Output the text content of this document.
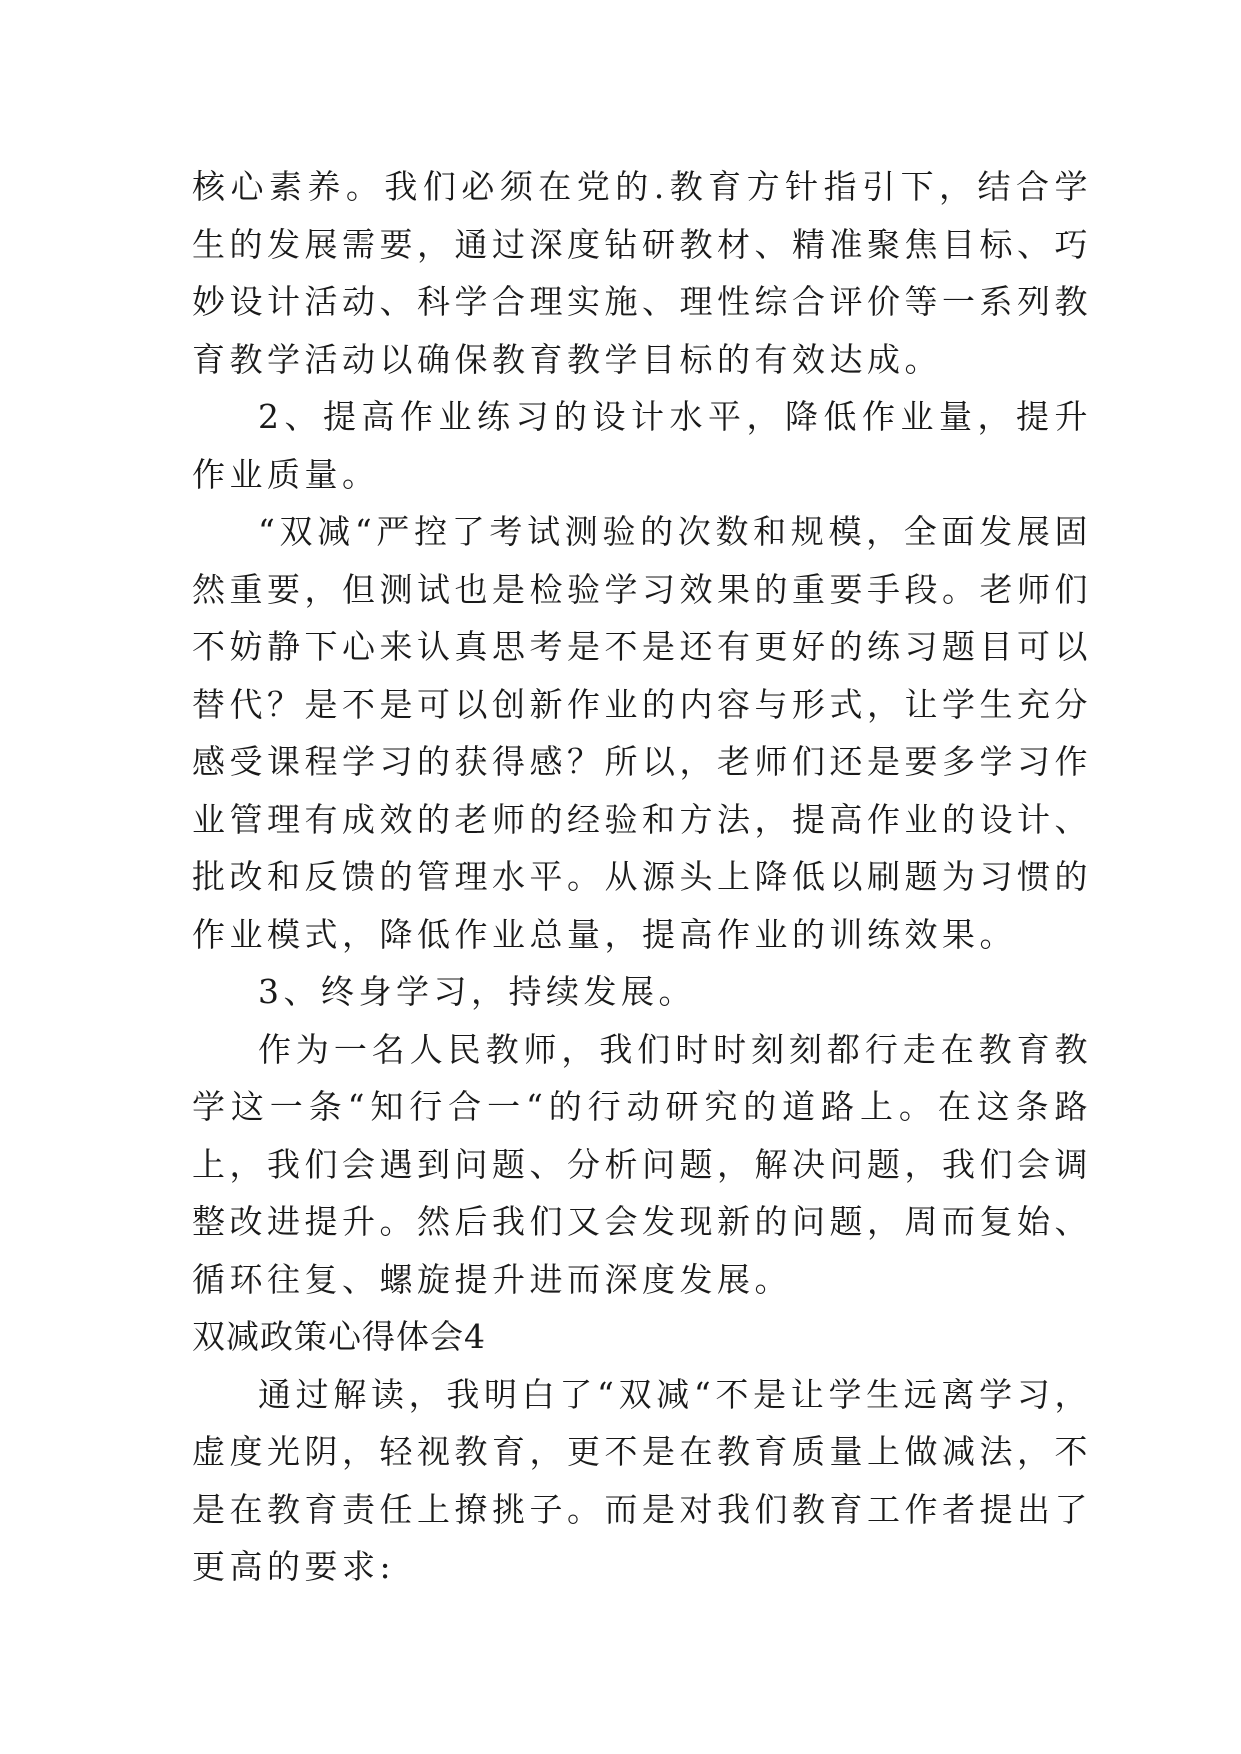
核心素养。我们必须在党的.教育方针指引下，结合学生的发展需要，通过深度钻研教材、精准聚焦目标、巧妙设计活动、科学合理实施、理性综合评价等一系列教育教学活动以确保教育教学目标的有效达成。

2、提高作业练习的设计水平，降低作业量，提升作业质量。

“双减“严控了考试测验的次数和规模，全面发展固然重要，但测试也是检验学习效果的重要手段。老师们不妨静下心来认真思考是不是还有更好的练习题目可以替代？是不是可以创新作业的内容与形式，让学生充分感受课程学习的获得感？所以，老师们还是要多学习作业管理有成效的老师的经验和方法，提高作业的设计、批改和反馈的管理水平。从源头上降低以刷题为习惯的作业模式，降低作业总量，提高作业的训练效果。

3、终身学习，持续发展。

作为一名人民教师，我们时时刻刻都行走在教育教学这一条“知行合一“的行动研究的道路上。在这条路上，我们会遇到问题、分析问题，解决问题，我们会调整改进提升。然后我们又会发现新的问题，周而复始、循环往复、螺旋提升进而深度发展。

双减政策心得体会4

通过解读，我明白了“双减“不是让学生远离学习，虚度光阴，轻视教育，更不是在教育质量上做减法，不是在教育责任上撩挑子。而是对我们教育工作者提出了更高的要求:
